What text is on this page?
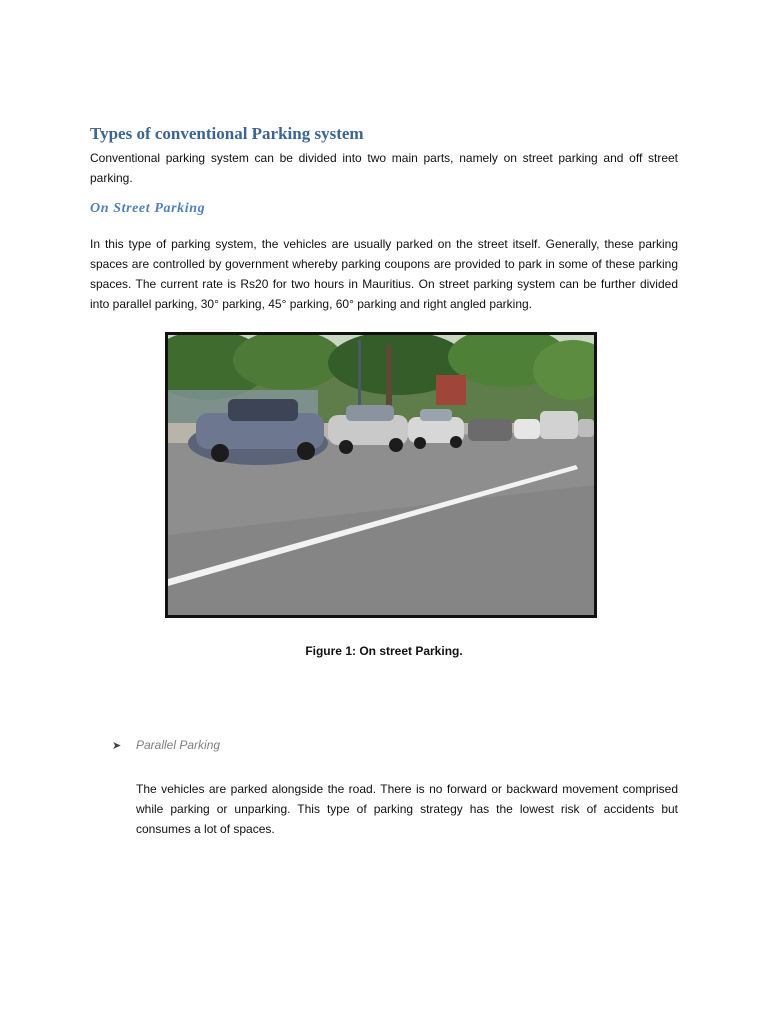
Types of conventional Parking system

Conventional parking system can be divided into two main parts, namely on street parking and off street parking.

On Street Parking

In this type of parking system, the vehicles are usually parked on the street itself. Generally, these parking spaces are controlled by government whereby parking coupons are provided to park in some of these parking spaces. The current rate is Rs20 for two hours in Mauritius. On street parking system can be further divided into parallel parking, 30° parking, 45° parking, 60° parking and right angled parking.

Figure 1: On street Parking.

➤	Parallel Parking

The vehicles are parked alongside the road. There is no forward or backward movement comprised while parking or unparking. This type of parking strategy has the lowest risk of accidents but consumes a lot of spaces.
